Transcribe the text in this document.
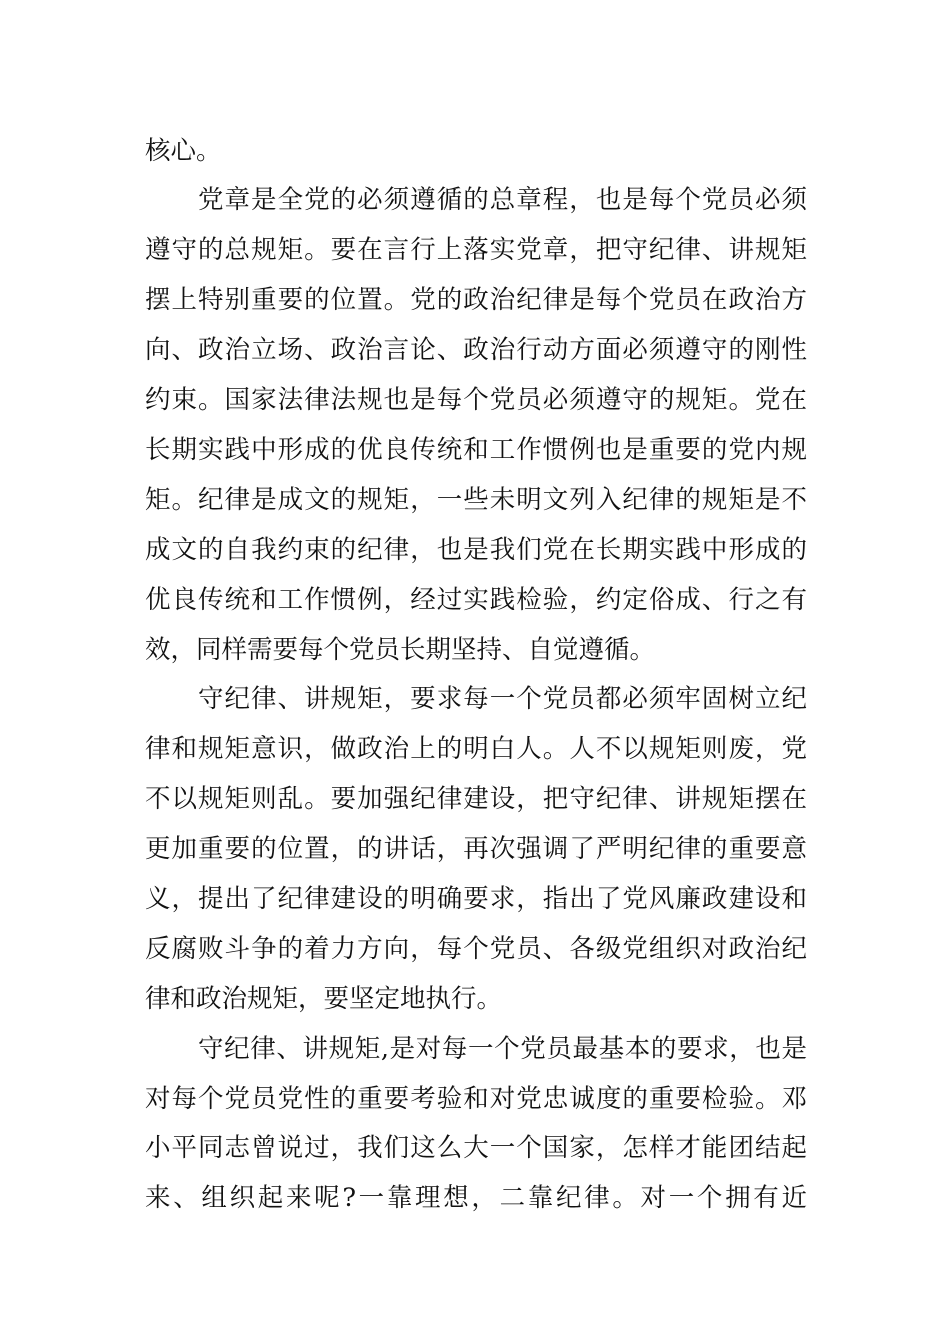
核心。
党章是全党的必须遵循的总章程，也是每个党员必须
遵守的总规矩。要在言行上落实党章，把守纪律、讲规矩
摆上特别重要的位置。党的政治纪律是每个党员在政治方
向、政治立场、政治言论、政治行动方面必须遵守的刚性
约束。国家法律法规也是每个党员必须遵守的规矩。党在
长期实践中形成的优良传统和工作惯例也是重要的党内规
矩。纪律是成文的规矩，一些未明文列入纪律的规矩是不
成文的自我约束的纪律，也是我们党在长期实践中形成的
优良传统和工作惯例，经过实践检验，约定俗成、行之有
效，同样需要每个党员长期坚持、自觉遵循。
守纪律、讲规矩，要求每一个党员都必须牢固树立纪
律和规矩意识，做政治上的明白人。人不以规矩则废，党
不以规矩则乱。要加强纪律建设，把守纪律、讲规矩摆在
更加重要的位置，的讲话，再次强调了严明纪律的重要意
义，提出了纪律建设的明确要求，指出了党风廉政建设和
反腐败斗争的着力方向，每个党员、各级党组织对政治纪
律和政治规矩，要坚定地执行。
守纪律、讲规矩,是对每一个党员最基本的要求，也是
对每个党员党性的重要考验和对党忠诚度的重要检验。邓
小平同志曾说过，我们这么大一个国家，怎样才能团结起
来、组织起来呢?一靠理想，二靠纪律。对一个拥有近
